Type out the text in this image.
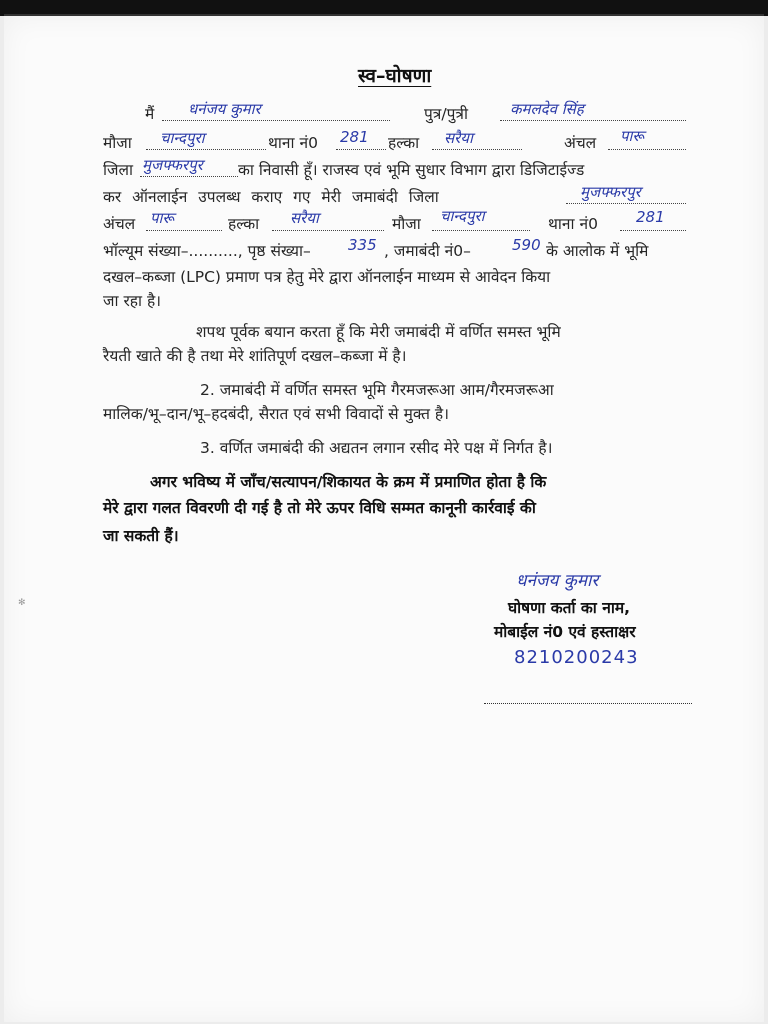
स्व–घोषणा
मैं धनंजय कुमार	पुत्र/पुत्री	कमलदेव सिंह
मौजा चान्दपुरा	थाना नं0 281 हल्का सरैया	अंचल पारू
जिला मुजफ्फरपुर का निवासी हूँ। राजस्व एवं भूमि सुधार विभाग द्वारा डिजिटाईज्ड
कर ऑनलाईन उपलब्ध कराए गए मेरी जमाबंदी जिला	मुजफ्फरपुर
अंचल पारू	हल्का सरैया	मौजा चान्दपुरा	थाना नं0	281
भॉल्यूम संख्या–.........., पृष्ठ संख्या– 335 , जमाबंदी नं0–	590 के आलोक में भूमि
दखल–कब्जा (LPC) प्रमाण पत्र हेतु मेरे द्वारा ऑनलाईन माध्यम से आवेदन किया
जा रहा है।
शपथ पूर्वक बयान करता हूँ कि मेरी जमाबंदी में वर्णित समस्त भूमि
रैयती खाते की है तथा मेरे शांतिपूर्ण दखल–कब्जा में है।
2. जमाबंदी में वर्णित समस्त भूमि गैरमजरूआ आम/गैरमजरूआ
मालिक/भू–दान/भू–हदबंदी, सैरात एवं सभी विवादों से मुक्त है।
3. वर्णित जमाबंदी की अद्यतन लगान रसीद मेरे पक्ष में निर्गत है।
अगर भविष्य में जाँच/सत्यापन/शिकायत के क्रम में प्रमाणित होता है कि
मेरे द्वारा गलत विवरणी दी गई है तो मेरे ऊपर विधि सम्मत कानूनी कार्रवाई की
जा सकती हैं।
धनंजय कुमार
घोषणा कर्ता का नाम,
मोबाईल नं0 एवं हस्ताक्षर
8210200243
✻
